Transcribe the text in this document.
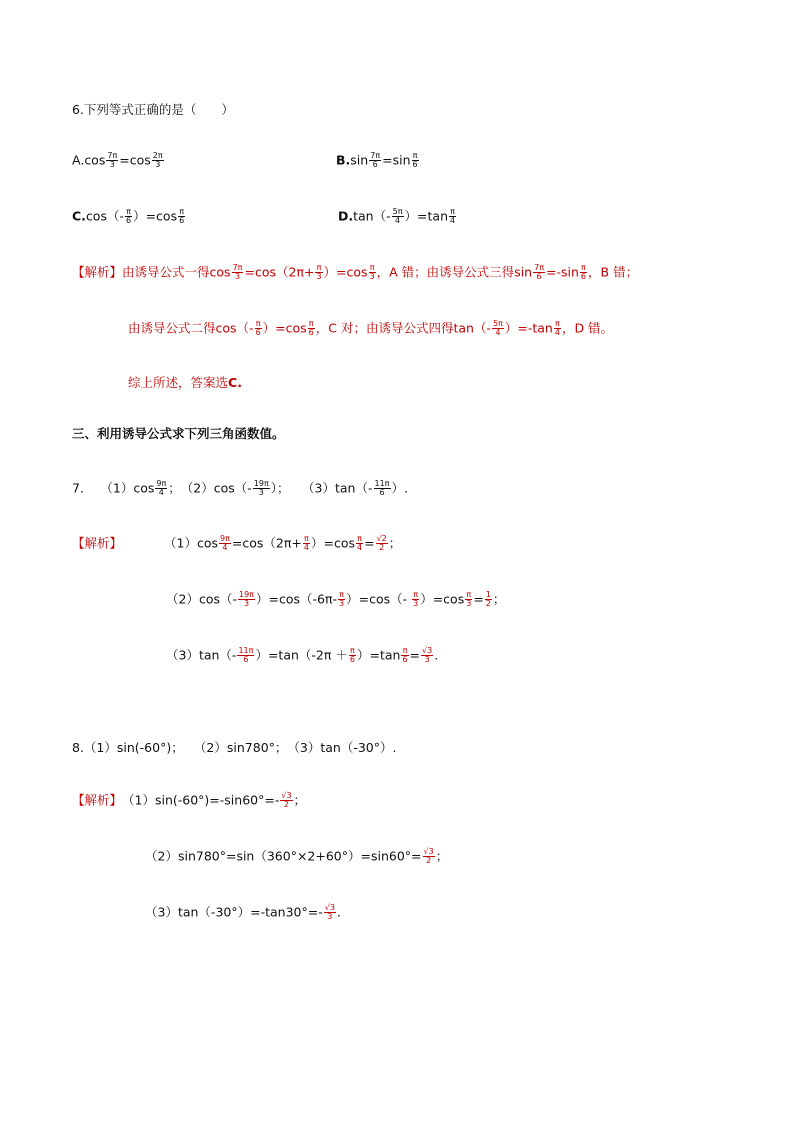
6.下列等式正确的是（　　）
$A.\cos \frac{7\pi}{3} =\cos \frac{2\pi}{3}$	$B.\sin \frac{7\pi}{6} =\sin \frac{\pi}{6}$
$C.\cos(- \frac{\pi}{6} )=\cos \frac{\pi}{6}$	$D.\tan(- \frac{5\pi}{4} )=\tan \frac{\pi}{4}$
【解析】由诱导公式一得$\cos \frac{7\pi}{3} =\cos(2\pi+ \frac{\pi}{3} )=\cos \frac{\pi}{3}$ ，A 错；由诱导公式三得$\sin \frac{7\pi}{6} =-\sin \frac{\pi}{6}$ ，B 错；
由诱导公式二得$\cos(- \frac{\pi}{6} )=\cos \frac{\pi}{6}$ ，C 对；由诱导公式四得$\tan(- \frac{5\pi}{4} )=-\tan \frac{\pi}{4}$ ，D 错。
综上所述，答案选C.
三、利用诱导公式求下列三角函数值。
7.　 $(1)\cos \frac{9\pi}{4}$ ；　$(2)\cos(- \frac{19\pi}{3}$ ）；　　$(3)\tan(- \frac{11\pi}{6}$ ）.
【解析】	$(1)\cos \frac{9\pi}{4} =\cos(2\pi+ \frac{\pi}{4} )=\cos \frac{\pi}{4} = \frac{√2}{2}$ ；
$(2)\cos(- \frac{19\pi}{3} )=\cos(-6\pi- \frac{\pi}{3} )=\cos(- \frac{\pi}{3} )=\cos \frac{\pi}{3} = \frac{1}{2}$ ；
$(3)\tan(- \frac{11\pi}{6} )=\tan(-2\pi + \frac{\pi}{6} )=\tan \frac{\pi}{6} = \frac{√3}{3}$ .
8.（1）sin(-60°)；　 （2）sin780°；　（3）tan（-30°）.
【解析】　 $(1)\sin(-60^\circ)=-\sin 60^\circ=- \frac{√3}{2}$ ；
$(2)\sin 780^\circ=\sin(360^\circ\times 2+60^\circ)=\sin 60^\circ= \frac{√3}{2}$ ；
$(3)\tan(-30^\circ)=-\tan 30^\circ=- \frac{√3}{3}$ .
